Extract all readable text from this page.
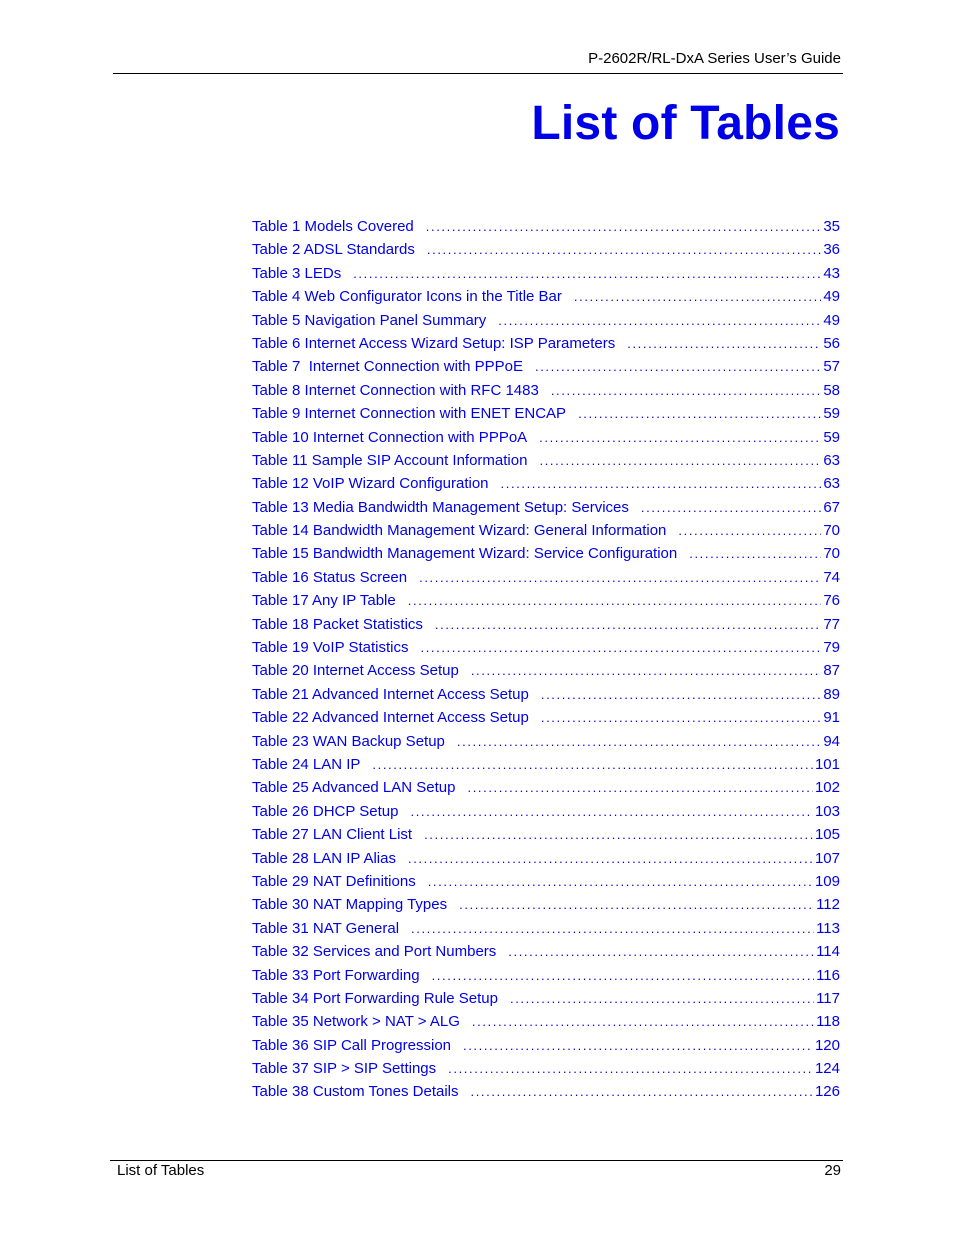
P-2602R/RL-DxA Series User’s Guide
List of Tables
Table 1 Models Covered .....	35
Table 2 ADSL Standards .....	36
Table 3 LEDs .....	43
Table 4 Web Configurator Icons in the Title Bar .....	49
Table 5 Navigation Panel Summary .....	49
Table 6 Internet Access Wizard Setup: ISP Parameters .....	56
Table 7  Internet Connection with PPPoE .....	57
Table 8 Internet Connection with RFC 1483 .....	58
Table 9 Internet Connection with ENET ENCAP .....	59
Table 10 Internet Connection with PPPoA .....	59
Table 11 Sample SIP Account Information .....	63
Table 12 VoIP Wizard Configuration .....	63
Table 13 Media Bandwidth Management Setup: Services .....	67
Table 14 Bandwidth Management Wizard: General Information .....	70
Table 15 Bandwidth Management Wizard: Service Configuration .....	70
Table 16 Status Screen .....	74
Table 17 Any IP Table .....	76
Table 18 Packet Statistics .....	77
Table 19 VoIP Statistics .....	79
Table 20 Internet Access Setup .....	87
Table 21 Advanced Internet Access Setup .....	89
Table 22 Advanced Internet Access Setup .....	91
Table 23 WAN Backup Setup .....	94
Table 24 LAN IP .....	101
Table 25 Advanced LAN Setup .....	102
Table 26 DHCP Setup .....	103
Table 27 LAN Client List .....	105
Table 28 LAN IP Alias .....	107
Table 29 NAT Definitions .....	109
Table 30 NAT Mapping Types .....	112
Table 31 NAT General .....	113
Table 32 Services and Port Numbers .....	114
Table 33 Port Forwarding .....	116
Table 34 Port Forwarding Rule Setup .....	117
Table 35 Network > NAT > ALG .....	118
Table 36 SIP Call Progression .....	120
Table 37 SIP > SIP Settings .....	124
Table 38 Custom Tones Details .....	126
List of Tables	29
